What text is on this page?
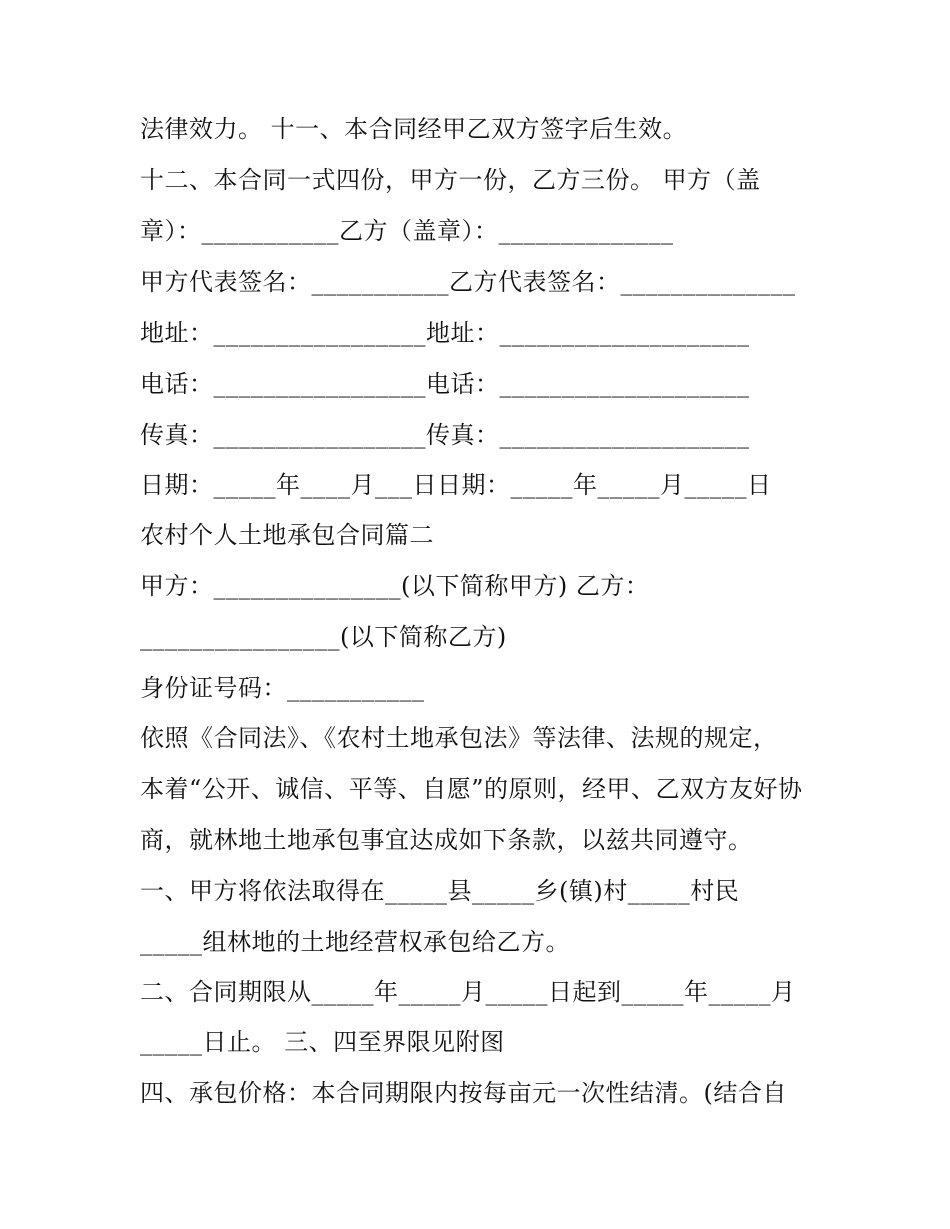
法律效力。 十一、本合同经甲乙双方签字后生效。
十二、本合同一式四份，甲方一份，乙方三份。 甲方（盖
章）：___________乙方（盖章）：______________
甲方代表签名：___________乙方代表签名：______________
地址：_________________地址：____________________
电话：_________________电话：____________________
传真：_________________传真：____________________
日期：_____年____月___日日期：_____年_____月_____日
农村个人土地承包合同篇二
甲方：_______________(以下简称甲方) 乙方：
________________(以下简称乙方)
身份证号码：___________
依照《合同法》、《农村土地承包法》等法律、法规的规定，
本着“公开、诚信、平等、自愿”的原则，经甲、乙双方友好协
商，就林地土地承包事宜达成如下条款，以兹共同遵守。
一、甲方将依法取得在_____县_____乡(镇)村_____村民
_____组林地的土地经营权承包给乙方。
二、合同期限从_____年_____月_____日起到_____年_____月
_____日止。 三、四至界限见附图
四、承包价格：本合同期限内按每亩元一次性结清。(结合自
